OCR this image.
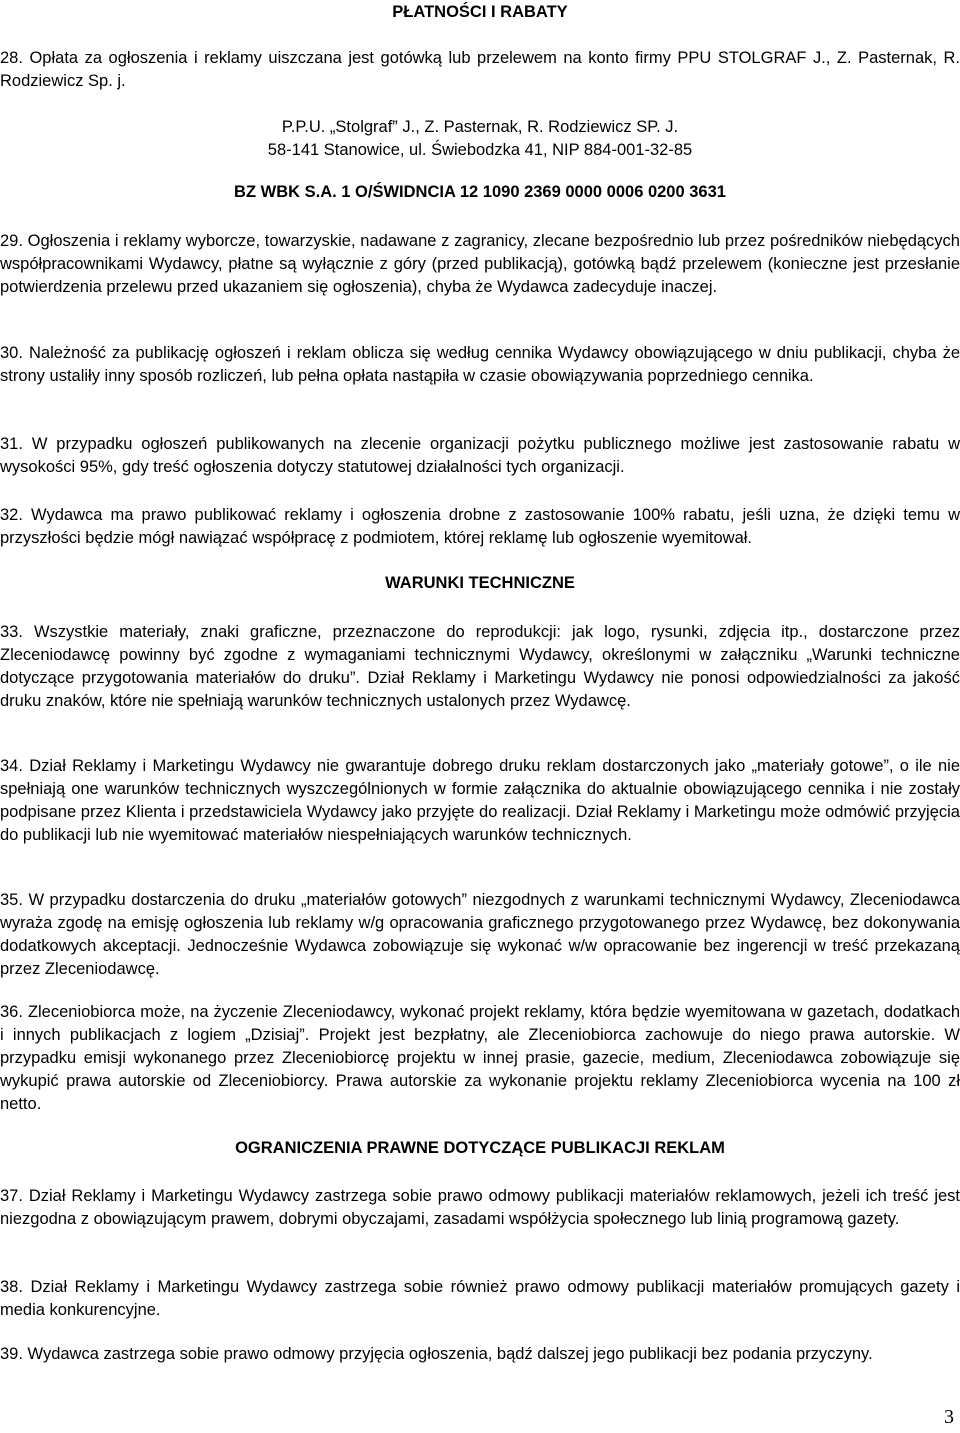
PŁATNOŚCI I RABATY

28. Opłata za ogłoszenia i reklamy uiszczana jest gotówką lub przelewem na konto firmy PPU STOLGRAF J., Z. Pasternak, R. Rodziewicz Sp. j.

P.P.U. „Stolgraf” J., Z. Pasternak, R. Rodziewicz SP. J.
58-141 Stanowice, ul. Świebodzka 41, NIP 884-001-32-85
BZ WBK S.A. 1 O/ŚWIDNCIA 12 1090 2369 0000 0006 0200 3631

29. Ogłoszenia i reklamy wyborcze, towarzyskie, nadawane z zagranicy, zlecane bezpośrednio lub przez pośredników niebędących współpracownikami Wydawcy, płatne są wyłącznie z góry (przed publikacją), gotówką bądź przelewem (konieczne jest przesłanie potwierdzenia przelewu przed ukazaniem się ogłoszenia), chyba że Wydawca zadecyduje inaczej.

30. Należność za publikację ogłoszeń i reklam oblicza się według cennika Wydawcy obowiązującego w dniu publikacji, chyba że strony ustaliły inny sposób rozliczeń, lub pełna opłata nastąpiła w czasie obowiązywania poprzedniego cennika.

31. W przypadku ogłoszeń publikowanych na zlecenie organizacji pożytku publicznego możliwe jest zastosowanie rabatu w wysokości 95%, gdy treść ogłoszenia dotyczy statutowej działalności tych organizacji.

32. Wydawca ma prawo publikować reklamy i ogłoszenia drobne z zastosowanie 100% rabatu, jeśli uzna, że dzięki temu w przyszłości będzie mógł nawiązać współpracę z podmiotem, której reklamę lub ogłoszenie wyemitował.

WARUNKI TECHNICZNE

33. Wszystkie materiały, znaki graficzne, przeznaczone do reprodukcji: jak logo, rysunki, zdjęcia itp., dostarczone przez Zleceniodawcę powinny być zgodne z wymaganiami technicznymi Wydawcy, określonymi w załączniku „Warunki techniczne dotyczące przygotowania materiałów do druku”. Dział Reklamy i Marketingu Wydawcy nie ponosi odpowiedzialności za jakość druku znaków, które nie spełniają warunków technicznych ustalonych przez Wydawcę.

34. Dział Reklamy i Marketingu Wydawcy nie gwarantuje dobrego druku reklam dostarczonych jako „materiały gotowe”, o ile nie spełniają one warunków technicznych wyszczególnionych w formie załącznika do aktualnie obowiązującego cennika i nie zostały podpisane przez Klienta i przedstawiciela Wydawcy jako przyjęte do realizacji. Dział Reklamy i Marketingu może odmówić przyjęcia do publikacji lub nie wyemitować materiałów niespełniających warunków technicznych.

35. W przypadku dostarczenia do druku „materiałów gotowych” niezgodnych z warunkami technicznymi Wydawcy, Zleceniodawca wyraża zgodę na emisję ogłoszenia lub reklamy w/g opracowania graficznego przygotowanego przez Wydawcę, bez dokonywania dodatkowych akceptacji. Jednocześnie Wydawca zobowiązuje się wykonać w/w opracowanie bez ingerencji w treść przekazaną przez Zleceniodawcę.

36. Zleceniobiorca może, na życzenie Zleceniodawcy, wykonać projekt reklamy, która będzie wyemitowana w gazetach, dodatkach i innych publikacjach z logiem „Dzisiaj”. Projekt jest bezpłatny, ale Zleceniobiorca zachowuje do niego prawa autorskie. W przypadku emisji wykonanego przez Zleceniobiorcę projektu w innej prasie, gazecie, medium, Zleceniodawca zobowiązuje się wykupić prawa autorskie od Zleceniobiorcy. Prawa autorskie za wykonanie projektu reklamy Zleceniobiorca wycenia na 100 zł netto.

OGRANICZENIA PRAWNE DOTYCZĄCE PUBLIKACJI REKLAM

37. Dział Reklamy i Marketingu Wydawcy zastrzega sobie prawo odmowy publikacji materiałów reklamowych, jeżeli ich treść jest niezgodna z obowiązującym prawem, dobrymi obyczajami, zasadami współżycia społecznego lub linią programową gazety.

38. Dział Reklamy i Marketingu Wydawcy zastrzega sobie również prawo odmowy publikacji materiałów promujących gazety i media konkurencyjne.

39. Wydawca zastrzega sobie prawo odmowy przyjęcia ogłoszenia, bądź dalszej jego publikacji bez podania przyczyny.

3
